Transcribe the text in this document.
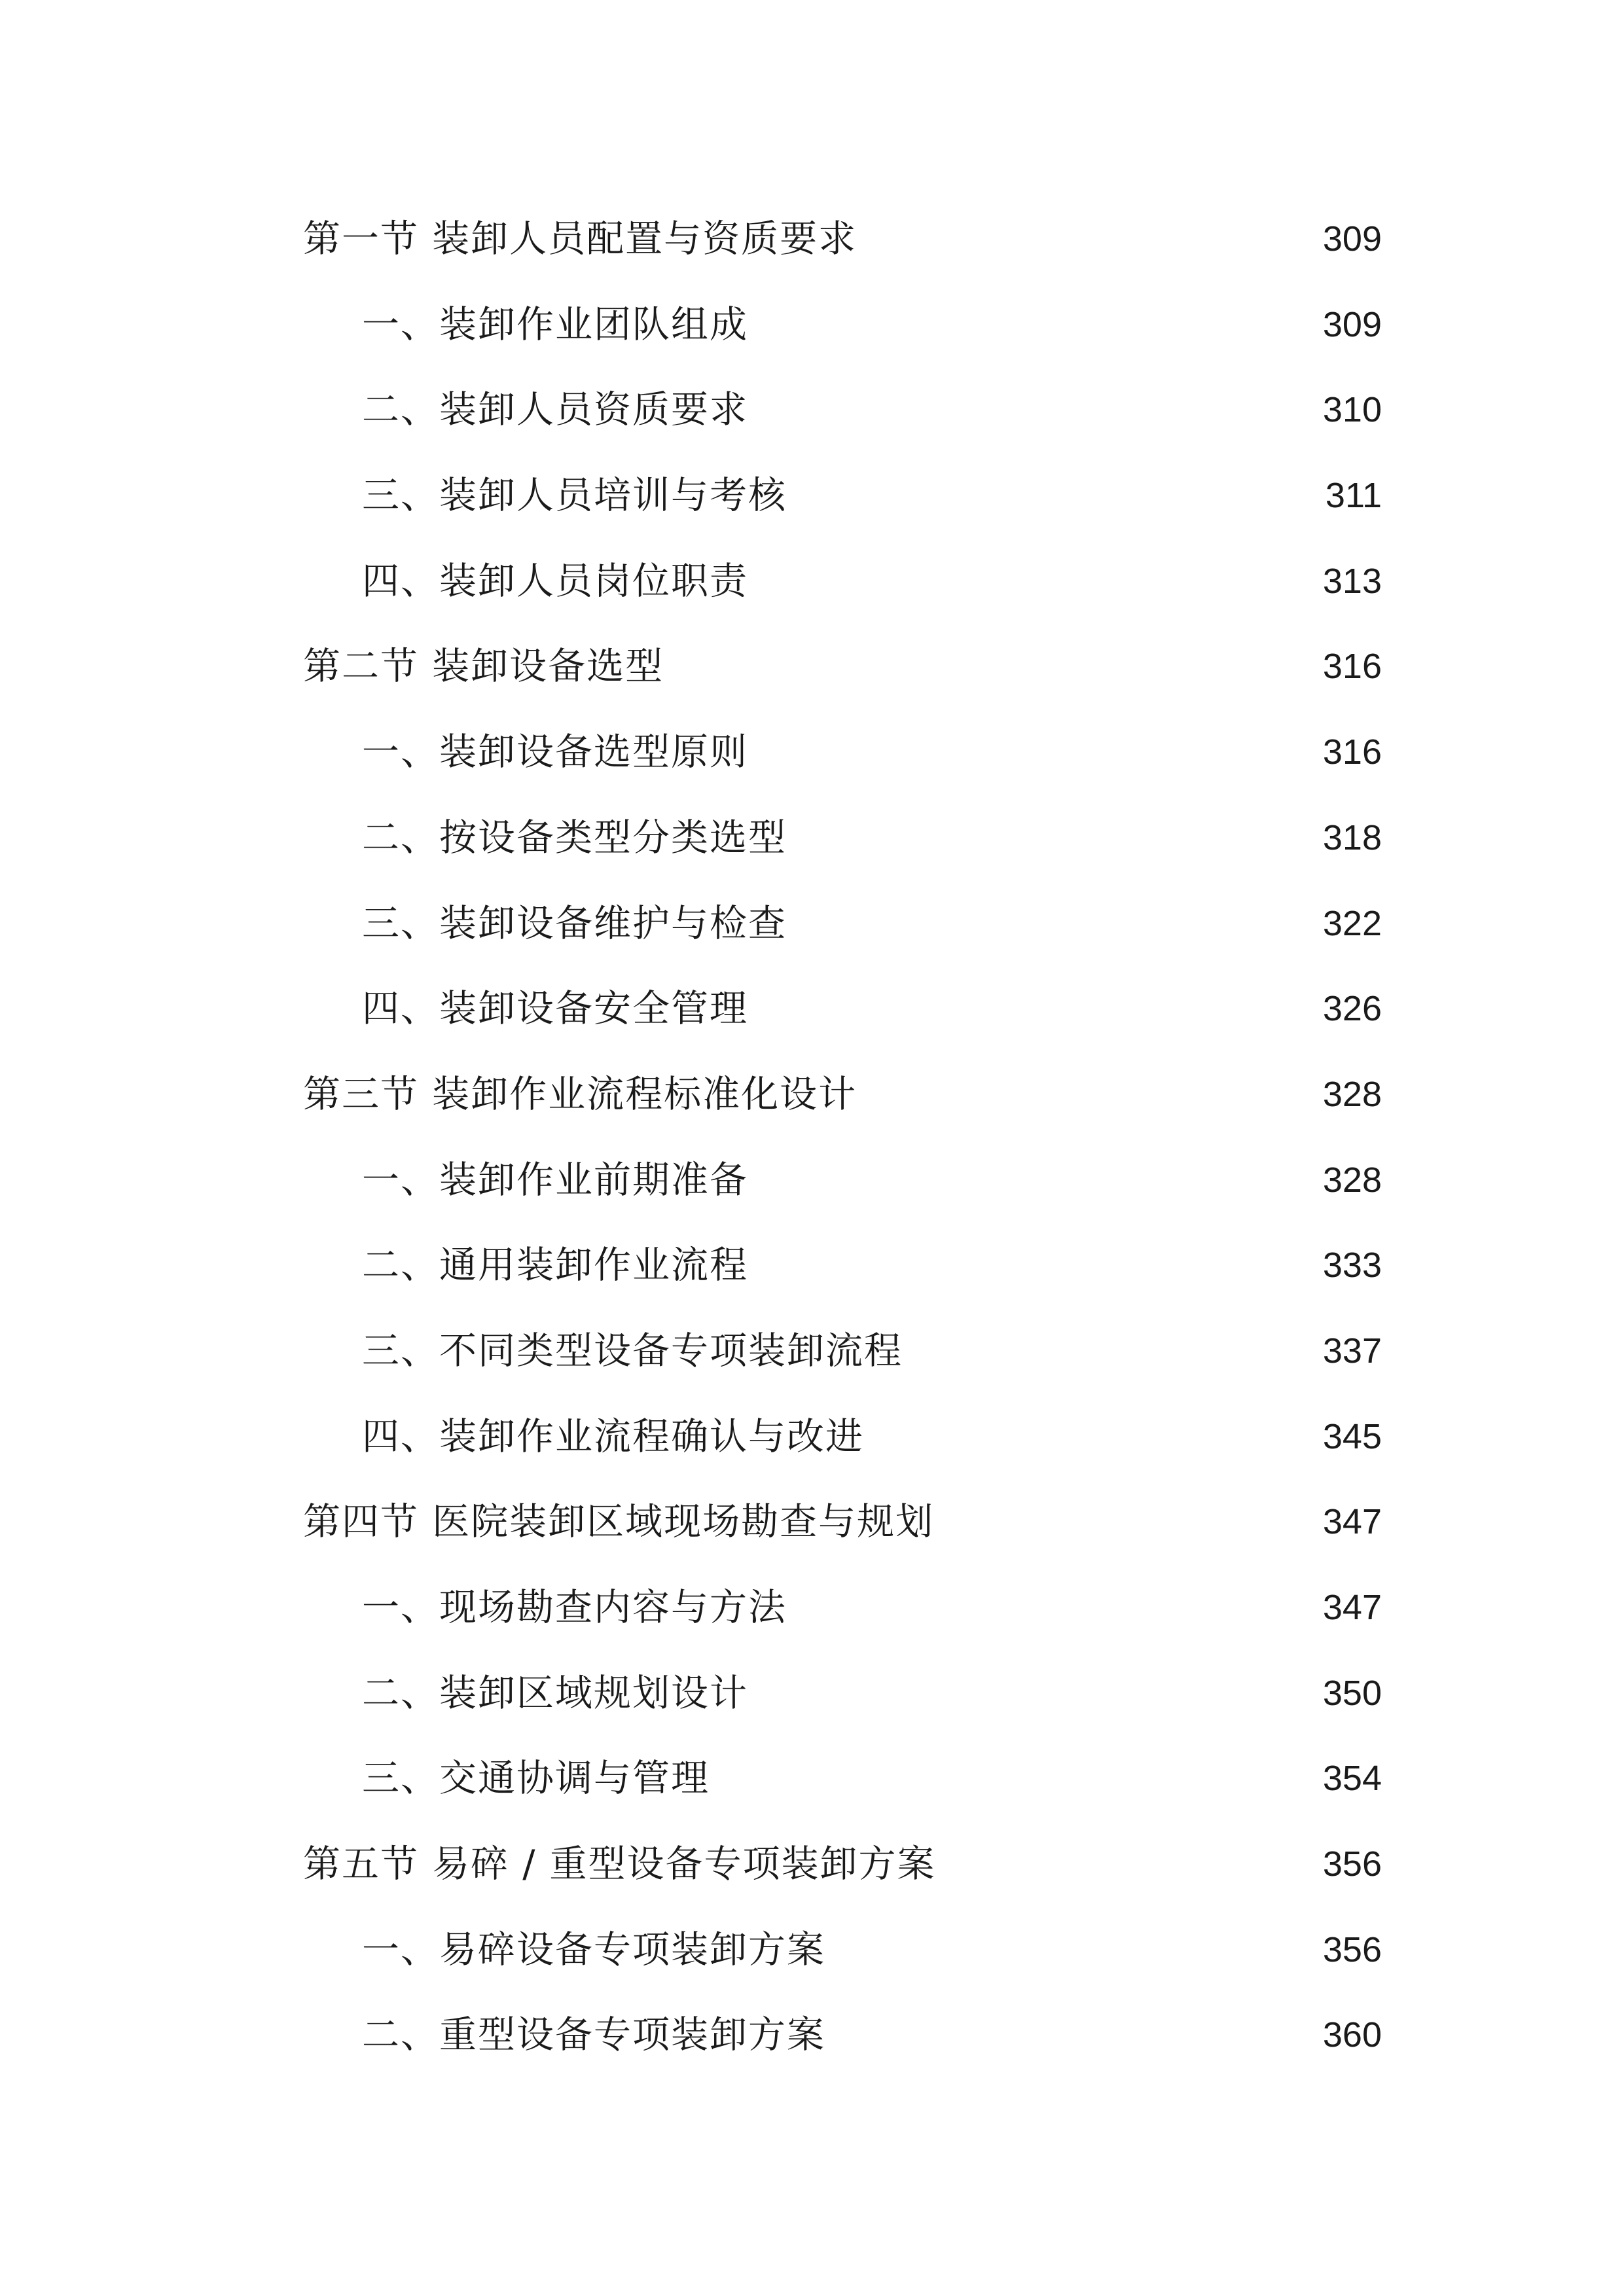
第一节 装卸人员配置与资质要求	309
一、装卸作业团队组成	309
二、装卸人员资质要求	310
三、装卸人员培训与考核	311
四、装卸人员岗位职责	313
第二节 装卸设备选型	316
一、装卸设备选型原则	316
二、按设备类型分类选型	318
三、装卸设备维护与检查	322
四、装卸设备安全管理	326
第三节 装卸作业流程标准化设计	328
一、装卸作业前期准备	328
二、通用装卸作业流程	333
三、不同类型设备专项装卸流程	337
四、装卸作业流程确认与改进	345
第四节 医院装卸区域现场勘查与规划	347
一、现场勘查内容与方法	347
二、装卸区域规划设计	350
三、交通协调与管理	354
第五节 易碎 / 重型设备专项装卸方案	356
一、易碎设备专项装卸方案	356
二、重型设备专项装卸方案	360
